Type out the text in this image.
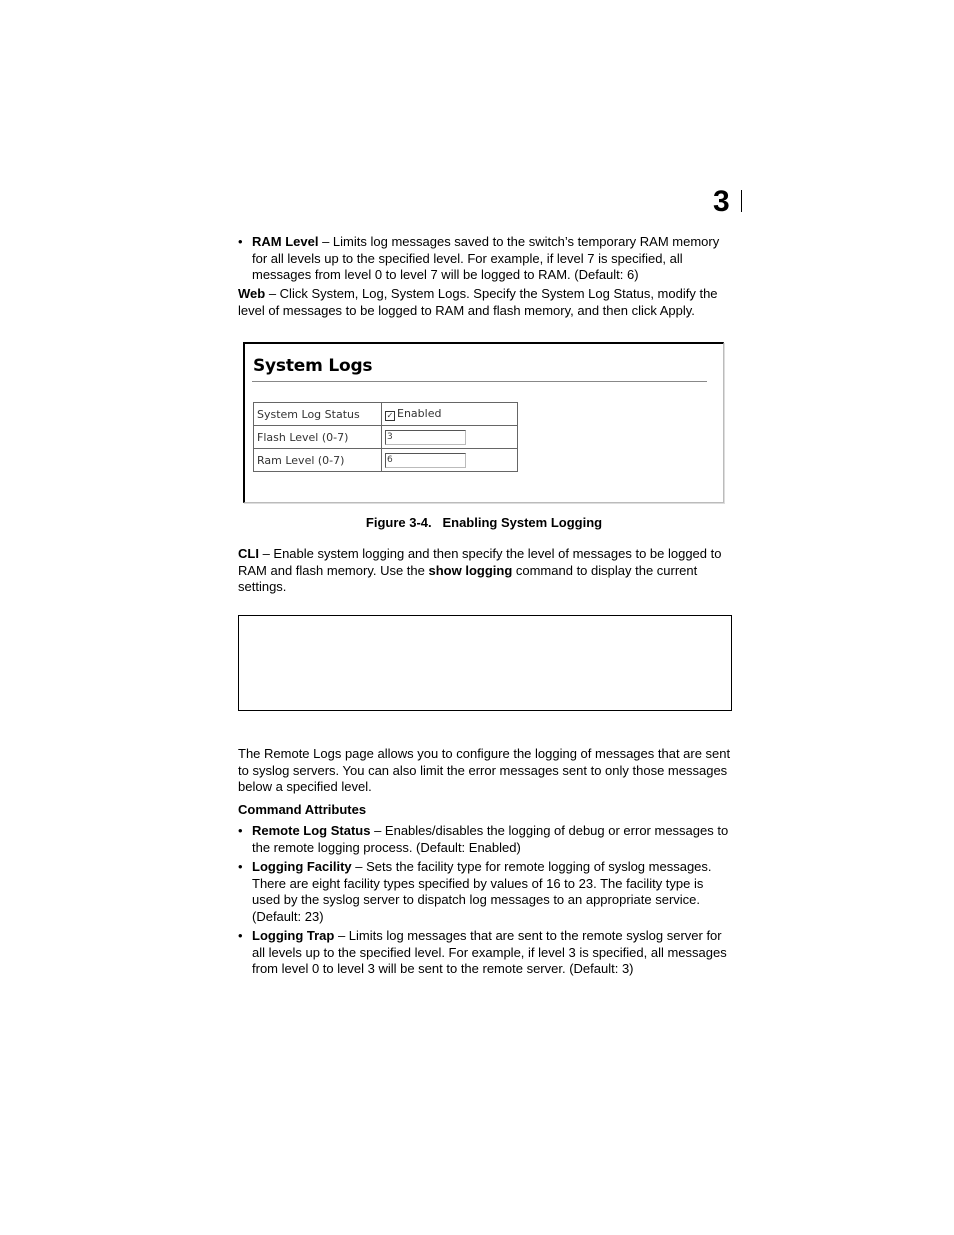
3
• RAM Level – Limits log messages saved to the switch’s temporary RAM memory for all levels up to the specified level. For example, if level 7 is specified, all messages from level 0 to level 7 will be logged to RAM. (Default: 6)

Web – Click System, Log, System Logs. Specify the System Log Status, modify the level of messages to be logged to RAM and flash memory, and then click Apply.

System Logs
System Log Status	✓ Enabled
Flash Level (0-7)	3
Ram Level (0-7)	6
Figure 3-4.   Enabling System Logging

CLI – Enable system logging and then specify the level of messages to be logged to RAM and flash memory. Use the show logging command to display the current settings.

The Remote Logs page allows you to configure the logging of messages that are sent to syslog servers. You can also limit the error messages sent to only those messages below a specified level.

Command Attributes

• Remote Log Status – Enables/disables the logging of debug or error messages to the remote logging process. (Default: Enabled)

• Logging Facility – Sets the facility type for remote logging of syslog messages. There are eight facility types specified by values of 16 to 23. The facility type is used by the syslog server to dispatch log messages to an appropriate service. (Default: 23)

• Logging Trap – Limits log messages that are sent to the remote syslog server for all levels up to the specified level. For example, if level 3 is specified, all messages from level 0 to level 3 will be sent to the remote server. (Default: 3)
